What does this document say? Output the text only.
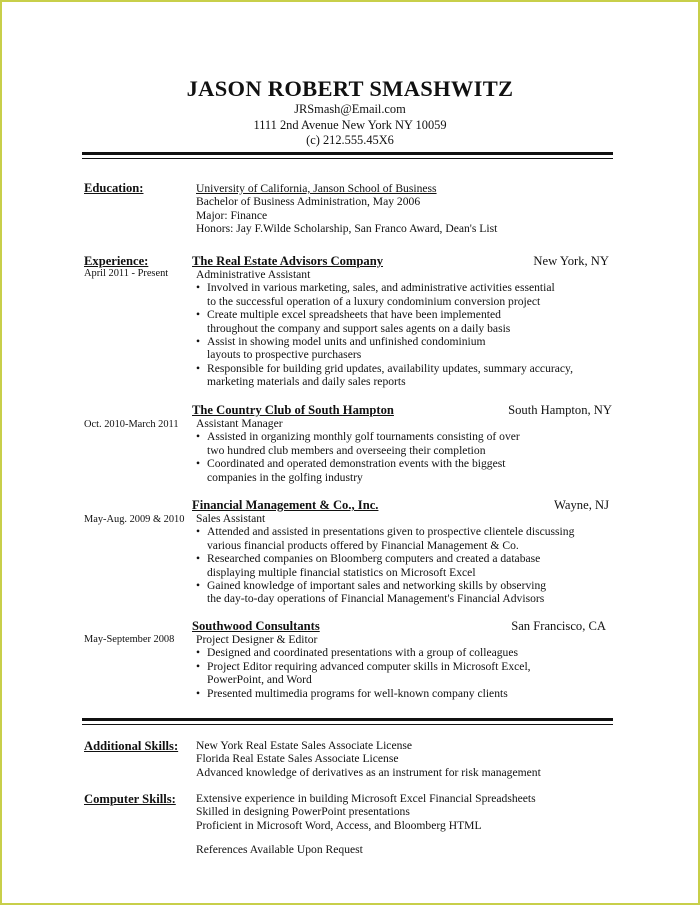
JASON ROBERT SMASHWITZ
JRSmash@Email.com
1111 2nd Avenue New York NY 10059
(c) 212.555.45X6
Education:	University of California, Janson School of Business
Bachelor of Business Administration, May 2006
Major: Finance
Honors: Jay F.Wilde Scholarship, San Franco Award, Dean's List
Experience:	The Real Estate Advisors Company	New York, NY
April 2011 - Present Administrative Assistant
• Involved in various marketing, sales, and administrative activities essential
to the successful operation of a luxury condominium conversion project
• Create multiple excel spreadsheets that have been implemented
throughout the company and support sales agents on a daily basis
• Assist in showing model units and unfinished condominium
layouts to prospective purchasers
• Responsible for building grid updates, availability updates, summary accuracy,
marketing materials and daily sales reports
The Country Club of South Hampton	South Hampton, NY
Oct. 2010-March 2011 Assistant Manager
• Assisted in organizing monthly golf tournaments consisting of over
two hundred club members and overseeing their completion
• Coordinated and operated demonstration events with the biggest
companies in the golfing industry
Financial Management & Co., Inc.	Wayne, NJ
May-Aug. 2009 & 2010 Sales Assistant
• Attended and assisted in presentations given to prospective clientele discussing
various financial products offered by Financial Management & Co.
• Researched companies on Bloomberg computers and created a database
displaying multiple financial statistics on Microsoft Excel
• Gained knowledge of important sales and networking skills by observing
the day-to-day operations of Financial Management's Financial Advisors
Southwood Consultants	San Francisco, CA
May-September 2008 Project Designer & Editor
• Designed and coordinated presentations with a group of colleagues
• Project Editor requiring advanced computer skills in Microsoft Excel,
PowerPoint, and Word
• Presented multimedia programs for well-known company clients
Additional Skills: New York Real Estate Sales Associate License
Florida Real Estate Sales Associate License
Advanced knowledge of derivatives as an instrument for risk management
Computer Skills: Extensive experience in building Microsoft Excel Financial Spreadsheets
Skilled in designing PowerPoint presentations
Proficient in Microsoft Word, Access, and Bloomberg HTML
References Available Upon Request
